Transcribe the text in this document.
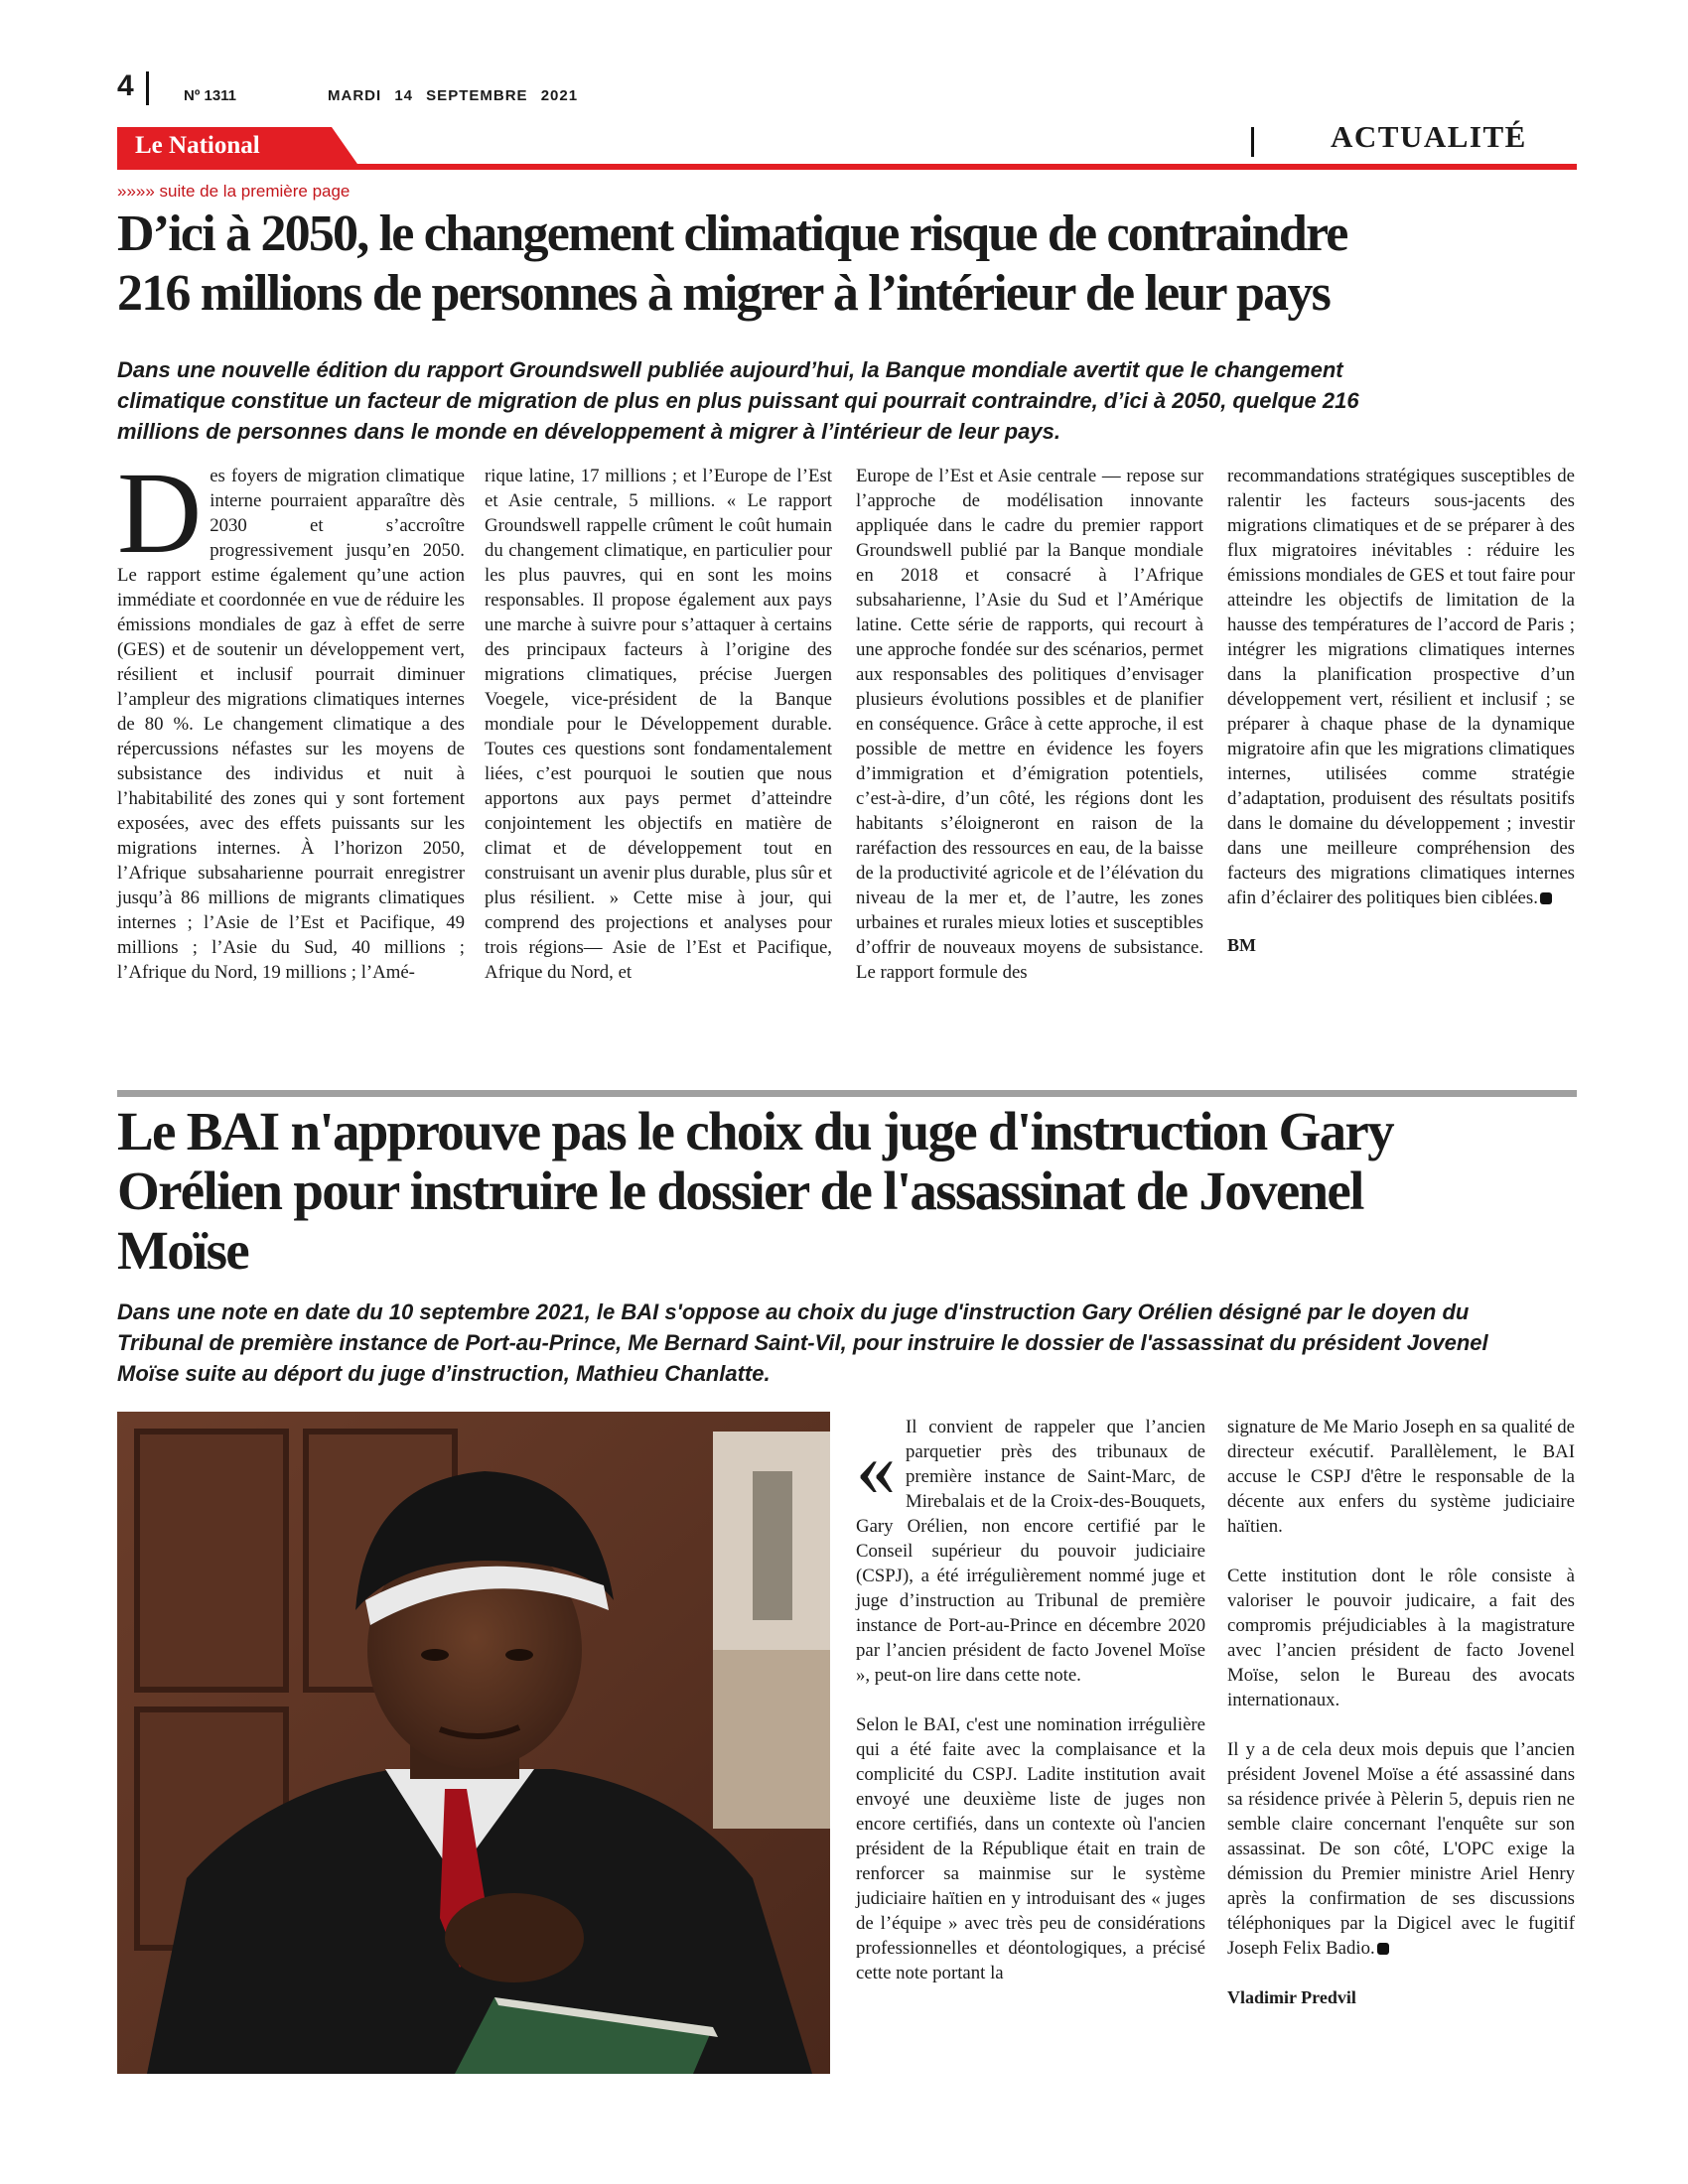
4	Nº 1311	MARDI 14 SEPTEMBRE 2021
Le National	ACTUALITÉ
»»»» suite de la première page
D’ici à 2050, le changement climatique risque de contraindre
216 millions de personnes à migrer à l’intérieur de leur pays
Dans une nouvelle édition du rapport Groundswell publiée aujourd’hui, la Banque mondiale avertit que le changement
climatique constitue un facteur de migration de plus en plus puissant qui pourrait contraindre, d’ici à 2050, quelque 216
millions de personnes dans le monde en développement à migrer à l’intérieur de leur pays.
Des foyers de migration climatique interne pourraient apparaître dès 2030 et s’accroître progressivement jusqu’en 2050. Le rapport estime également qu’une action immédiate et coordonnée en vue de réduire les émissions mondiales de gaz à effet de serre (GES) et de soutenir un développement vert, résilient et inclusif pourrait diminuer l’ampleur des migrations climatiques internes de 80 %. Le changement climatique a des répercussions néfastes sur les moyens de subsistance des individus et nuit à l’habitabilité des zones qui y sont fortement exposées, avec des effets puissants sur les migrations internes. À l’horizon 2050, l’Afrique subsaharienne pourrait enregistrer jusqu’à 86 millions de migrants climatiques internes ; l’Asie de l’Est et Pacifique, 49 millions ; l’Asie du Sud, 40 millions ; l’Afrique du Nord, 19 millions ; l’Amé-
rique latine, 17 millions ; et l’Europe de l’Est et Asie centrale, 5 millions. « Le rapport Groundswell rappelle crûment le coût humain du changement climatique, en particulier pour les plus pauvres, qui en sont les moins responsables. Il propose également aux pays une marche à suivre pour s’attaquer à certains des principaux facteurs à l’origine des migrations climatiques, précise Juergen Voegele, vice-président de la Banque mondiale pour le Développement durable. Toutes ces questions sont fondamentalement liées, c’est pourquoi le soutien que nous apportons aux pays permet d’atteindre conjointement les objectifs en matière de climat et de développement tout en construisant un avenir plus durable, plus sûr et plus résilient. » Cette mise à jour, qui comprend des projections et analyses pour trois régions— Asie de l’Est et Pacifique, Afrique du Nord, et
Europe de l’Est et Asie centrale — repose sur l’approche de modélisation innovante appliquée dans le cadre du premier rapport Groundswell publié par la Banque mondiale en 2018 et consacré à l’Afrique subsaharienne, l’Asie du Sud et l’Amérique latine. Cette série de rapports, qui recourt à une approche fondée sur des scénarios, permet aux responsables des politiques d’envisager plusieurs évolutions possibles et de planifier en conséquence. Grâce à cette approche, il est possible de mettre en évidence les foyers d’immigration et d’émigration potentiels, c’est-à-dire, d’un côté, les régions dont les habitants s’éloigneront en raison de la raréfaction des ressources en eau, de la baisse de la productivité agricole et de l’élévation du niveau de la mer et, de l’autre, les zones urbaines et rurales mieux loties et susceptibles d’offrir de nouveaux moyens de subsistance. Le rapport formule des
recommandations stratégiques susceptibles de ralentir les facteurs sous-jacents des migrations climatiques et de se préparer à des flux migratoires inévitables : réduire les émissions mondiales de GES et tout faire pour atteindre les objectifs de limitation de la hausse des températures de l’accord de Paris ; intégrer les migrations climatiques internes dans la planification prospective d’un développement vert, résilient et inclusif ; se préparer à chaque phase de la dynamique migratoire afin que les migrations climatiques internes, utilisées comme stratégie d’adaptation, produisent des résultats positifs dans le domaine du développement ; investir dans une meilleure compréhension des facteurs des migrations climatiques internes afin d’éclairer des politiques bien ciblées.
BM
Le BAI n'approuve pas le choix du juge d'instruction Gary
Orélien pour instruire le dossier de l'assassinat de Jovenel
Moïse
Dans une note en date du 10 septembre 2021, le BAI s'oppose au choix du juge d'instruction Gary Orélien désigné par le doyen du
Tribunal de première instance de Port-au-Prince, Me Bernard Saint-Vil, pour instruire le dossier de l'assassinat du président Jovenel
Moïse suite au déport du juge d’instruction, Mathieu Chanlatte.

« Il convient de rappeler que l’ancien parquetier près des tribunaux de première instance de Saint-Marc, de Mirebalais et de la Croix-des-Bouquets, Gary Orélien, non encore certifié par le Conseil supérieur du pouvoir judiciaire (CSPJ), a été irrégulièrement nommé juge et juge d’instruction au Tribunal de première instance de Port-au-Prince en décembre 2020 par l’ancien président de facto Jovenel Moïse », peut-on lire dans cette note.

Selon le BAI, c'est une nomination irrégulière qui a été faite avec la complaisance et la complicité du CSPJ. Ladite institution avait envoyé une deuxième liste de juges non encore certifiés, dans un contexte où l'ancien président de la République était en train de renforcer sa mainmise sur le système judiciaire haïtien en y introduisant des « juges de l’équipe » avec très peu de considérations professionnelles et déontologiques, a précisé cette note portant la

signature de Me Mario Joseph en sa qualité de directeur exécutif. Parallèlement, le BAI accuse le CSPJ d'être le responsable de la décente aux enfers du système judiciaire haïtien.

Cette institution dont le rôle consiste à valoriser le pouvoir judicaire, a fait des compromis préjudiciables à la magistrature avec l’ancien président de facto Jovenel Moïse, selon le Bureau des avocats internationaux.

Il y a de cela deux mois depuis que l’ancien président Jovenel Moïse a été assassiné dans sa résidence privée à Pèlerin 5, depuis rien ne semble claire concernant l'enquête sur son assassinat. De son côté, L'OPC exige la démission du Premier ministre Ariel Henry après la confirmation de ses discussions téléphoniques par la Digicel avec le fugitif Joseph Felix Badio.

Vladimir Predvil
